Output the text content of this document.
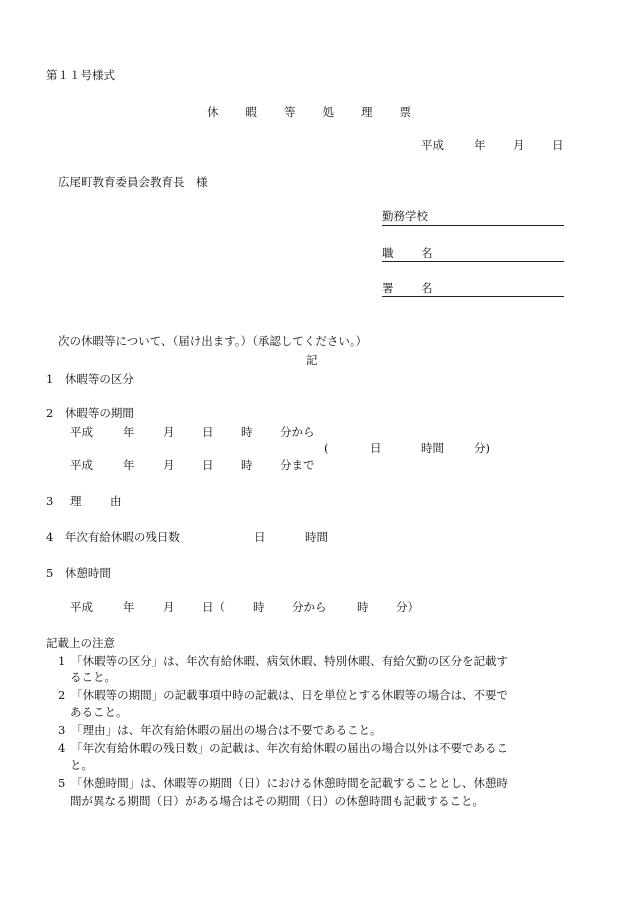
第１１号様式
休 暇 等 処 理 票
平成	年 月 日
広尾町教育委員会教育長　様
勤務学校
職 名
署 名
次の休暇等について、（届け出ます。）（承認してください。）
記
1　休暇等の区分
2　休暇等の期間
平成	年 月 日 時 分から
(	日	時間	分)
平成	年 月 日 時 分まで
3 理 由
4　年次有給休暇の残日数	日	時間
5　休憩時間
平成	年 月 日（ 時 分から	時 分）
記載上の注意
1　「休暇等の区分」は、年次有給休暇、病気休暇、特別休暇、有給欠勤の区分を記載す
ること。
2　「休暇等の期間」の記載事項中時の記載は、日を単位とする休暇等の場合は、不要で
あること。
3　「理由」は、年次有給休暇の届出の場合は不要であること。
4　「年次有給休暇の残日数」の記載は、年次有給休暇の届出の場合以外は不要であるこ
と。
5　「休憩時間」は、休暇等の期間（日）における休憩時間を記載することとし、休憩時
間が異なる期間（日）がある場合はその期間（日）の休憩時間も記載すること。
